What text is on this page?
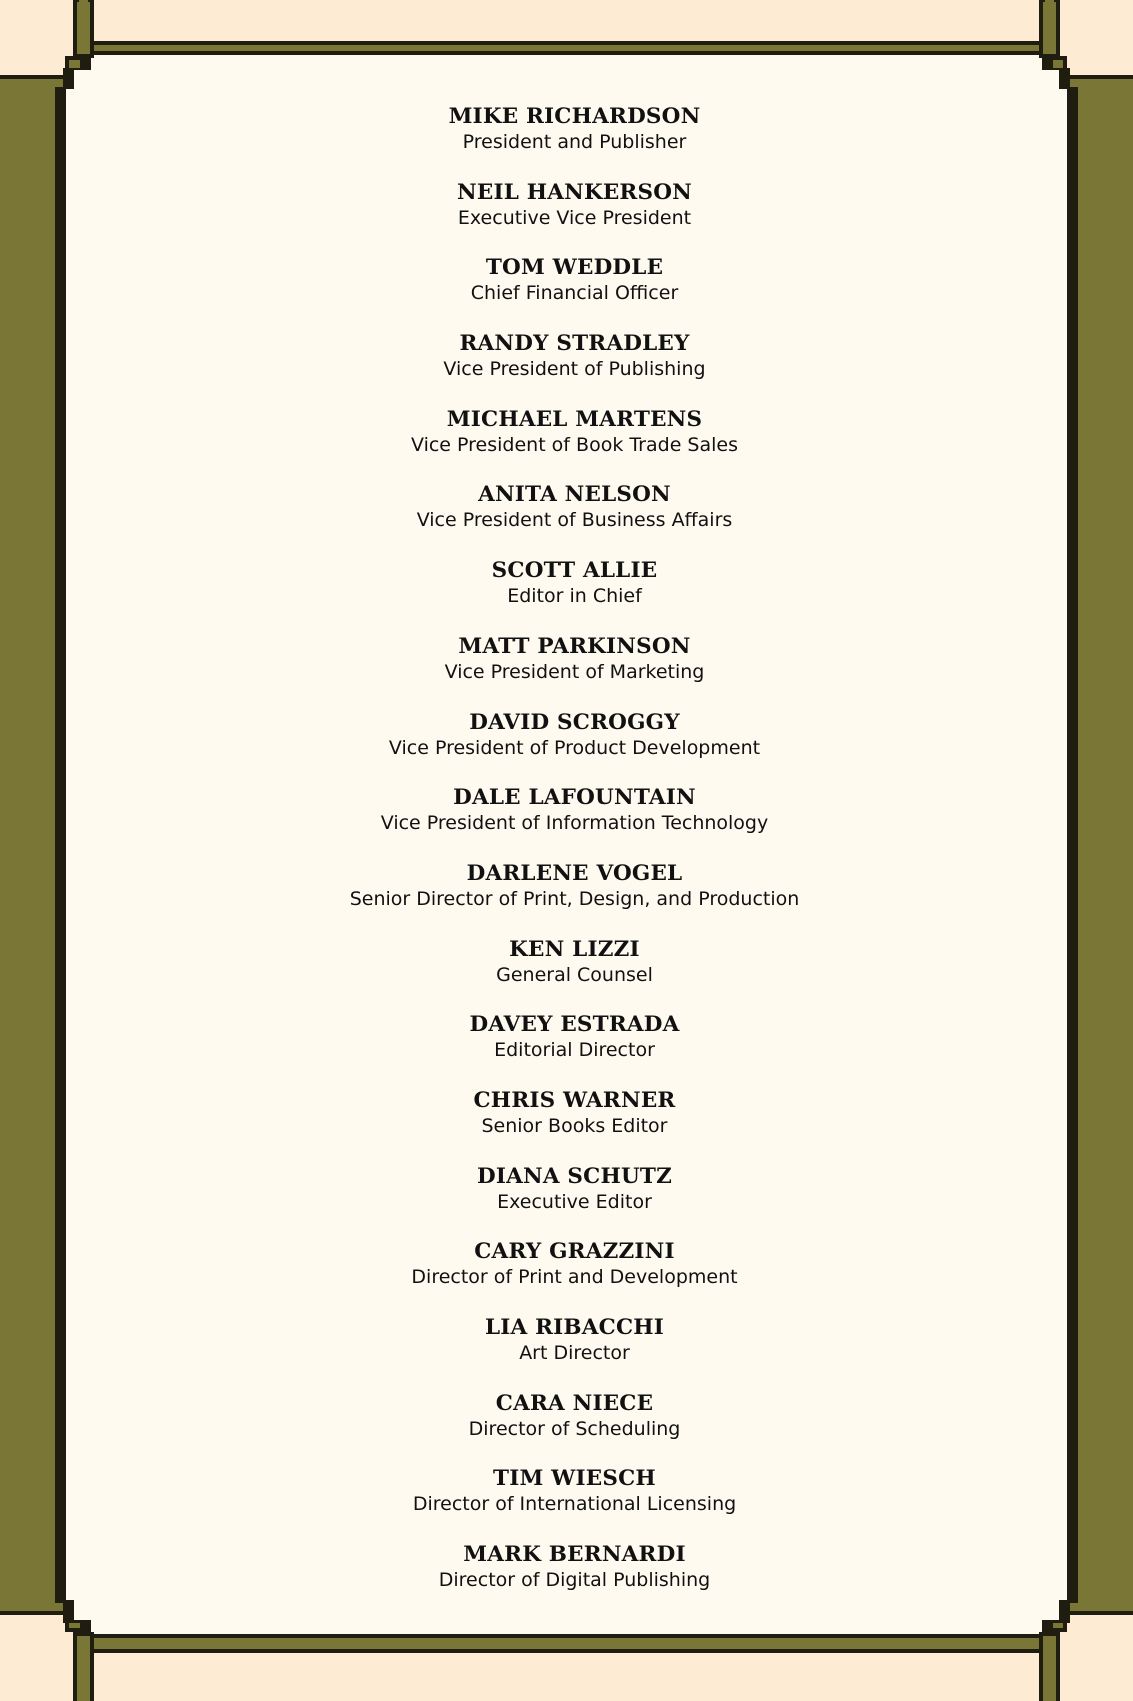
MIKE RICHARDSON
President and Publisher
NEIL HANKERSON
Executive Vice President
TOM WEDDLE
Chief Financial Officer
RANDY STRADLEY
Vice President of Publishing
MICHAEL MARTENS
Vice President of Book Trade Sales
ANITA NELSON
Vice President of Business Affairs
SCOTT ALLIE
Editor in Chief
MATT PARKINSON
Vice President of Marketing
DAVID SCROGGY
Vice President of Product Development
DALE LAFOUNTAIN
Vice President of Information Technology
DARLENE VOGEL
Senior Director of Print, Design, and Production
KEN LIZZI
General Counsel
DAVEY ESTRADA
Editorial Director
CHRIS WARNER
Senior Books Editor
DIANA SCHUTZ
Executive Editor
CARY GRAZZINI
Director of Print and Development
LIA RIBACCHI
Art Director
CARA NIECE
Director of Scheduling
TIM WIESCH
Director of International Licensing
MARK BERNARDI
Director of Digital Publishing
